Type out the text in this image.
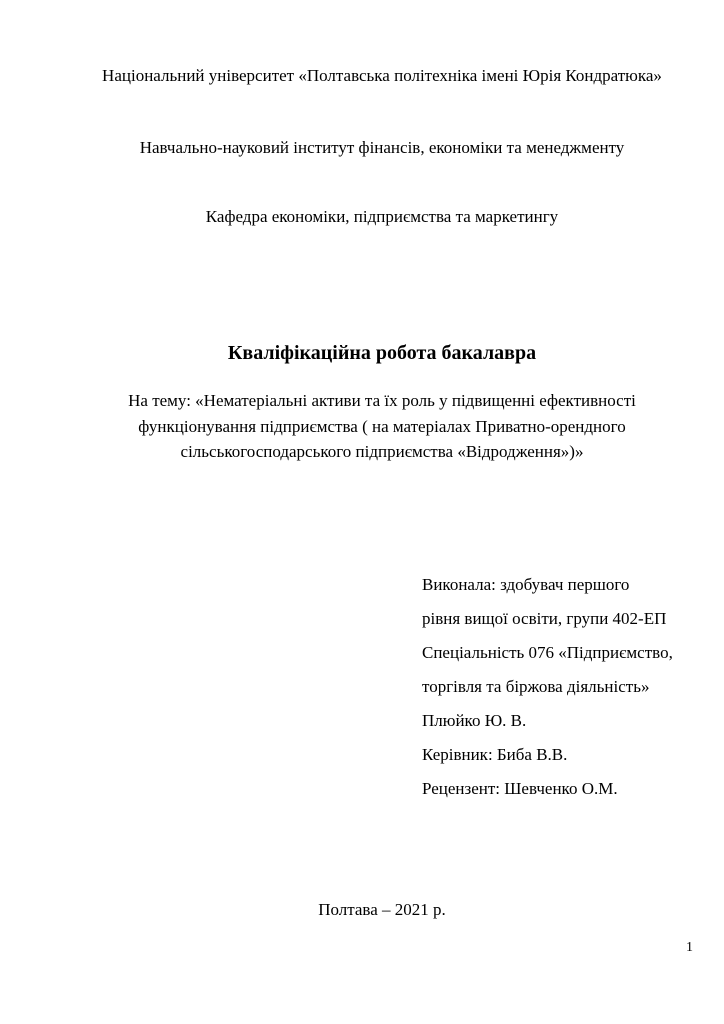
Національний університет «Полтавська політехніка імені Юрія Кондратюка»
Навчально-науковий інститут фінансів, економіки та менеджменту
Кафедра економіки, підприємства та маркетингу
Кваліфікаційна робота бакалавра
На тему: «Нематеріальні активи та їх роль у підвищенні ефективності
функціонування підприємства ( на матеріалах Приватно-орендного
сільськогосподарського підприємства «Відродження»)»

Виконала: здобувач першого

рівня вищої освіти, групи 402-ЕП

Спеціальність 076 «Підприємство,

торгівля та біржова діяльність»

Плюйко Ю. В.

Керівник: Биба В.В.

Рецензент: Шевченко О.М.

Полтава – 2021 р.
1
